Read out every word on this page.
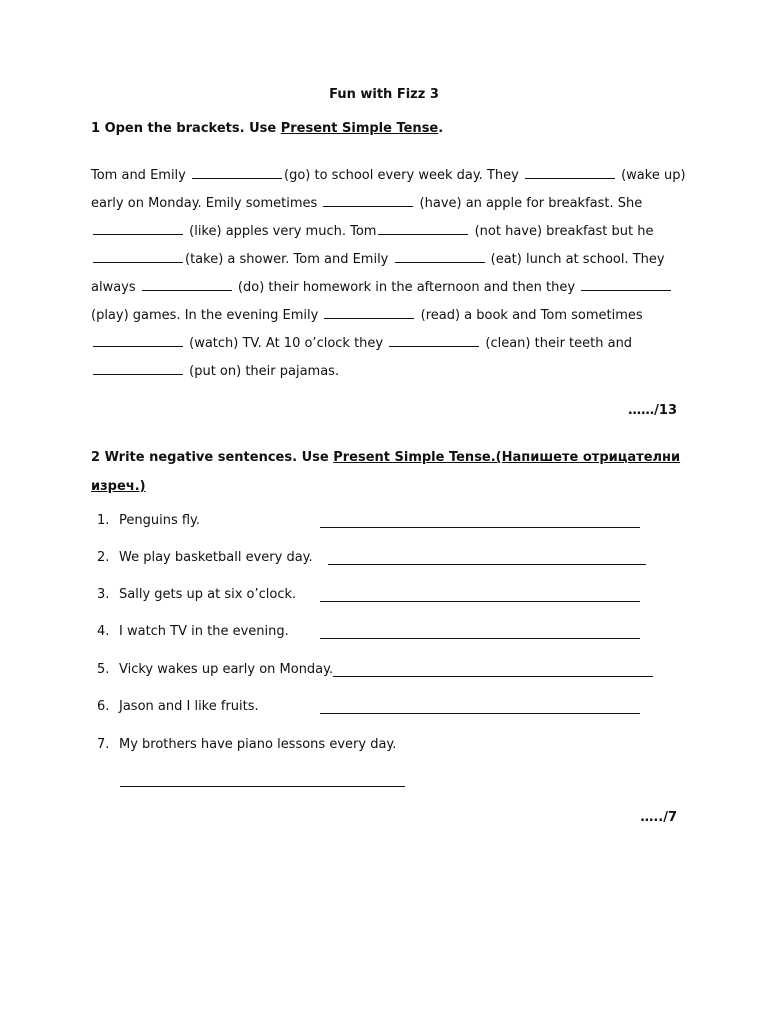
Fun with Fizz 3
1 Open the brackets. Use Present Simple Tense.
Tom and Emily	(go) to school every week day. They	(wake up) early on Monday. Emily sometimes	(have) an apple for breakfast. She  (like) apples very much. Tom	(not have) breakfast but he (take) a shower. Tom and Emily	(eat) lunch at school. They always	(do) their homework in the afternoon and then they  (play) games. In the evening Emily	(read) a book and Tom sometimes  (watch) TV. At 10 o’clock they	(clean) their teeth and  (put on) their pajamas.
……/13
2 Write negative sentences. Use Present Simple Tense.(Напишете отрицателни изреч.)
1. Penguins fly.
2. We play basketball every day.
3. Sally gets up at six o’clock.
4. I watch TV in the evening.
5. Vicky wakes up early on Monday.
6. Jason and I like fruits.
7. My brothers have piano lessons every day.
…../7
